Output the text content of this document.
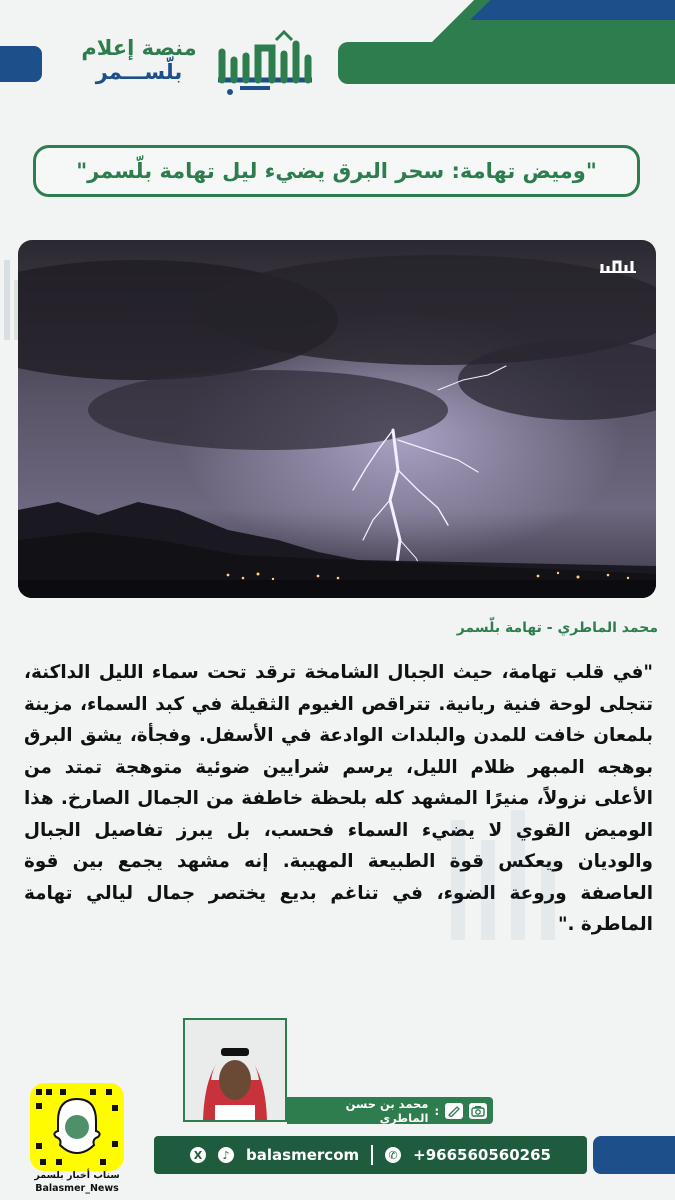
منصة إعلام
بلّســـمر
"وميض تهامة: سحر البرق يضيء ليل تهامة بلّسمر"
محمد الماطري - تهامة بلّسمر
"في قلب تهامة، حيث الجبال الشامخة ترقد تحت سماء الليل الداكنة، تتجلى لوحة فنية ربانية. تتراقص الغيوم الثقيلة في كبد السماء، مزينة بلمعان خافت للمدن والبلدات الوادعة في الأسفل. وفجأة، يشق البرق بوهجه المبهر ظلام الليل، يرسم شرايين ضوئية متوهجة تمتد من الأعلى نزولاً، منيرًا المشهد كله بلحظة خاطفة من الجمال الصارخ. هذا الوميض القوي لا يضيء السماء فحسب، بل يبرز تفاصيل الجبال والوديان ويعكس قوة الطبيعة المهيبة. إنه مشهد يجمع بين قوة العاصفة وروعة الضوء، في تناغم بديع يختصر جمال ليالي تهامة الماطرة ."
:
محمد بن حسن الماطري
سناب أخبار بلسمر
Balasmer_News
X	♪ balasmercom	✆ +966560560265
